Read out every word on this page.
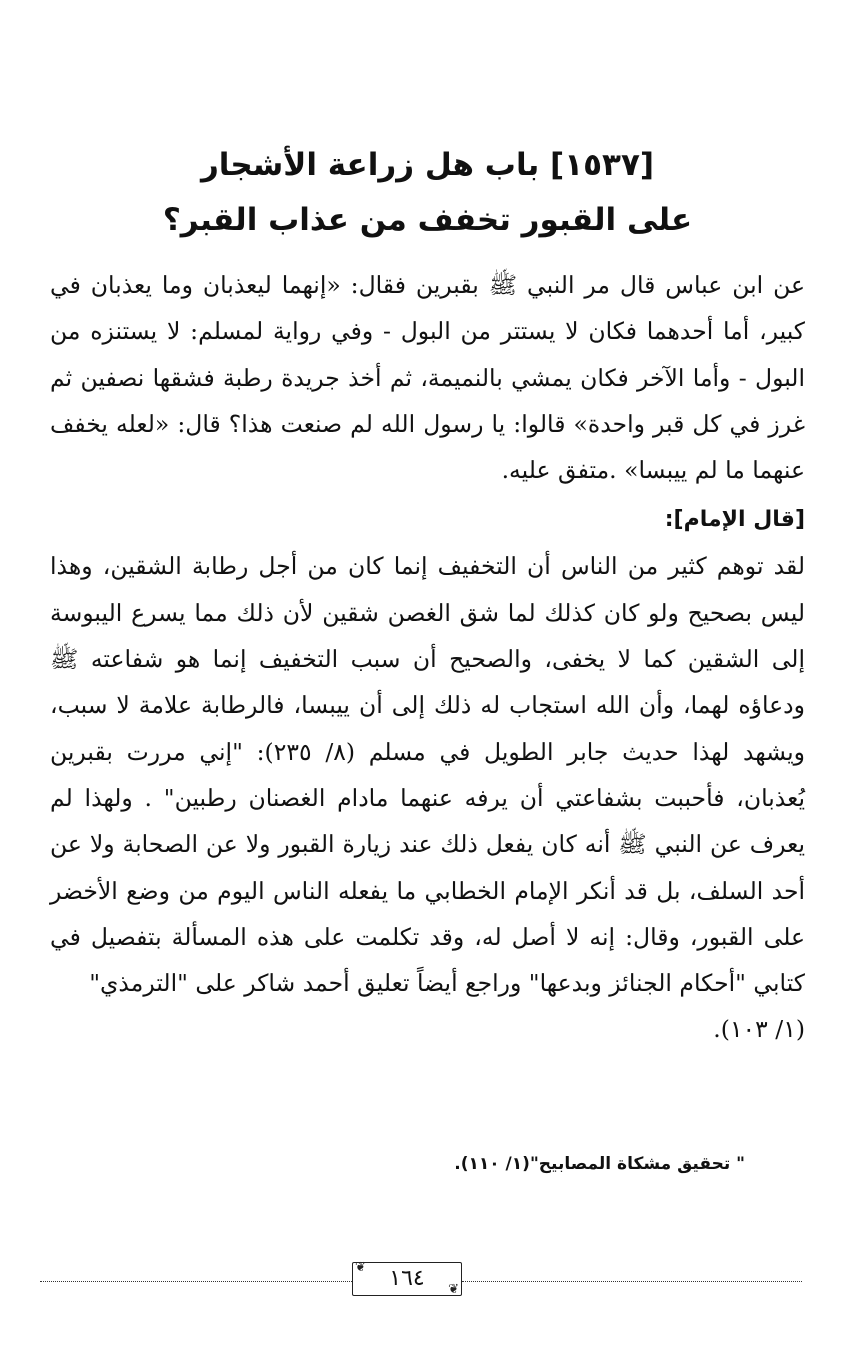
[١٥٣٧] باب هل زراعة الأشجار
على القبور تخفف من عذاب القبر؟

عن ابن عباس قال مر النبي ﷺ بقبرين فقال: «إنهما ليعذبان وما يعذبان في كبير، أما أحدهما فكان لا يستتر من البول - وفي رواية لمسلم: لا يستنزه من البول - وأما الآخر فكان يمشي بالنميمة، ثم أخذ جريدة رطبة فشقها نصفين ثم غرز في كل قبر واحدة» قالوا: يا رسول الله لم صنعت هذا؟ قال: «لعله يخفف عنهما ما لم ييبسا» .متفق عليه.

[قال الإمام]:

لقد توهم كثير من الناس أن التخفيف إنما كان من أجل رطابة الشقين، وهذا ليس بصحيح ولو كان كذلك لما شق الغصن شقين لأن ذلك مما يسرع اليبوسة إلى الشقين كما لا يخفى، والصحيح أن سبب التخفيف إنما هو شفاعته ﷺ ودعاؤه لهما، وأن الله استجاب له ذلك إلى أن ييبسا، فالرطابة علامة لا سبب، ويشهد لهذا حديث جابر الطويل في مسلم (٨/ ٢٣٥): "إني مررت بقبرين يُعذبان، فأحببت بشفاعتي أن يرفه عنهما مادام الغصنان رطبين" . ولهذا لم يعرف عن النبي ﷺ أنه كان يفعل ذلك عند زيارة القبور ولا عن الصحابة ولا عن أحد السلف، بل قد أنكر الإمام الخطابي ما يفعله الناس اليوم من وضع الأخضر على القبور، وقال: إنه لا أصل له، وقد تكلمت على هذه المسألة بتفصيل في كتابي "أحكام الجنائز وبدعها" وراجع أيضاً تعليق أحمد شاكر على "الترمذي"

(١/ ١٠٣).
" تحقيق مشكاة المصابيح"(١/ ١١٠).
❦	١٦٤	❦
